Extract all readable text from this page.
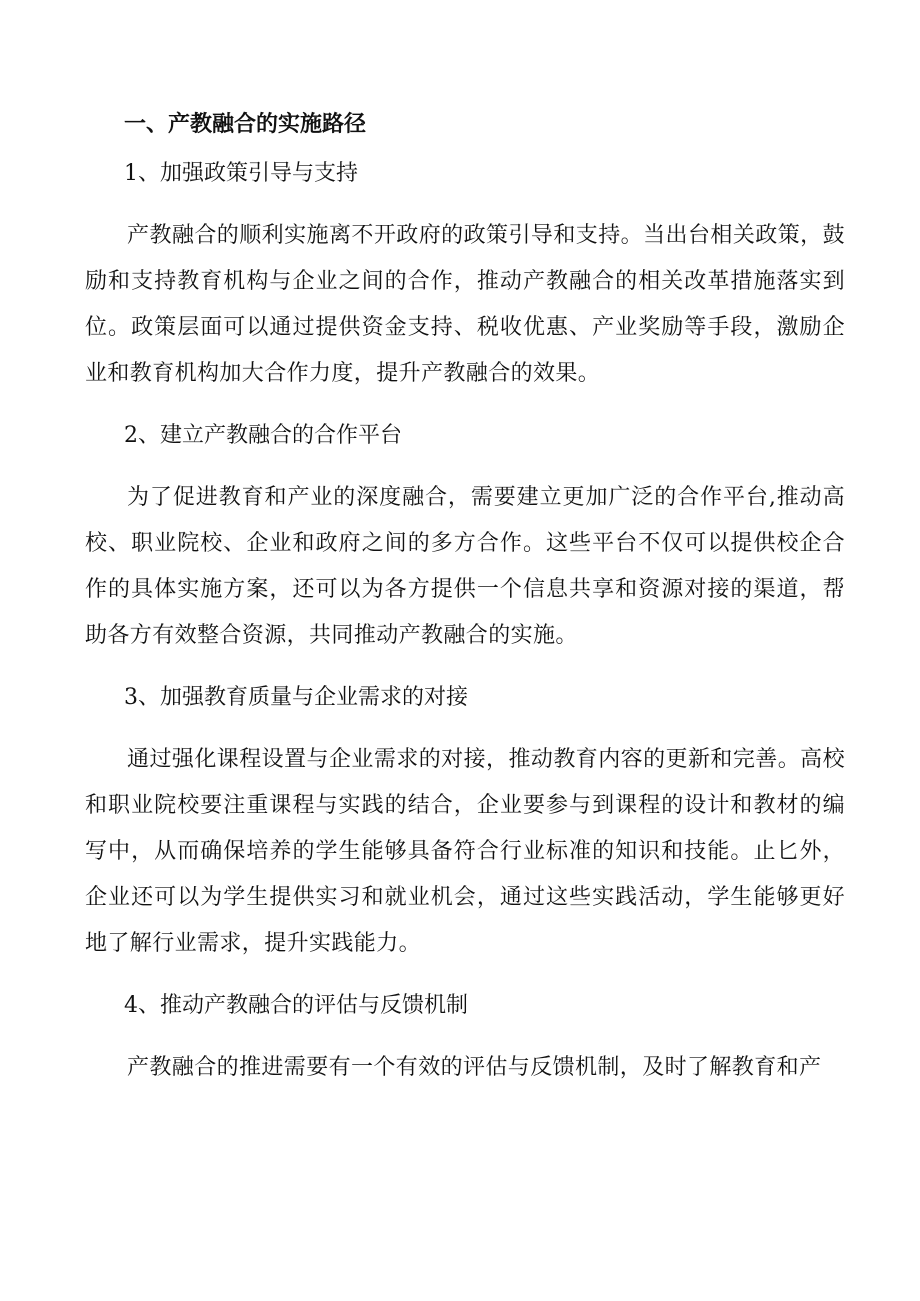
一、产教融合的实施路径
1、加强政策引导与支持

产教融合的顺利实施离不开政府的政策引导和支持。当出台相关政策，鼓励和支持教育机构与企业之间的合作，推动产教融合的相关改革措施落实到位。政策层面可以通过提供资金支持、税收优惠、产业奖励等手段，激励企业和教育机构加大合作力度，提升产教融合的效果。

2、建立产教融合的合作平台

为了促进教育和产业的深度融合，需要建立更加广泛的合作平台,推动高校、职业院校、企业和政府之间的多方合作。这些平台不仅可以提供校企合作的具体实施方案，还可以为各方提供一个信息共享和资源对接的渠道，帮助各方有效整合资源，共同推动产教融合的实施。

3、加强教育质量与企业需求的对接

通过强化课程设置与企业需求的对接，推动教育内容的更新和完善。高校和职业院校要注重课程与实践的结合，企业要参与到课程的设计和教材的编写中，从而确保培养的学生能够具备符合行业标准的知识和技能。止匕外，企业还可以为学生提供实习和就业机会，通过这些实践活动，学生能够更好地了解行业需求，提升实践能力。

4、推动产教融合的评估与反馈机制

产教融合的推进需要有一个有效的评估与反馈机制，及时了解教育和产
